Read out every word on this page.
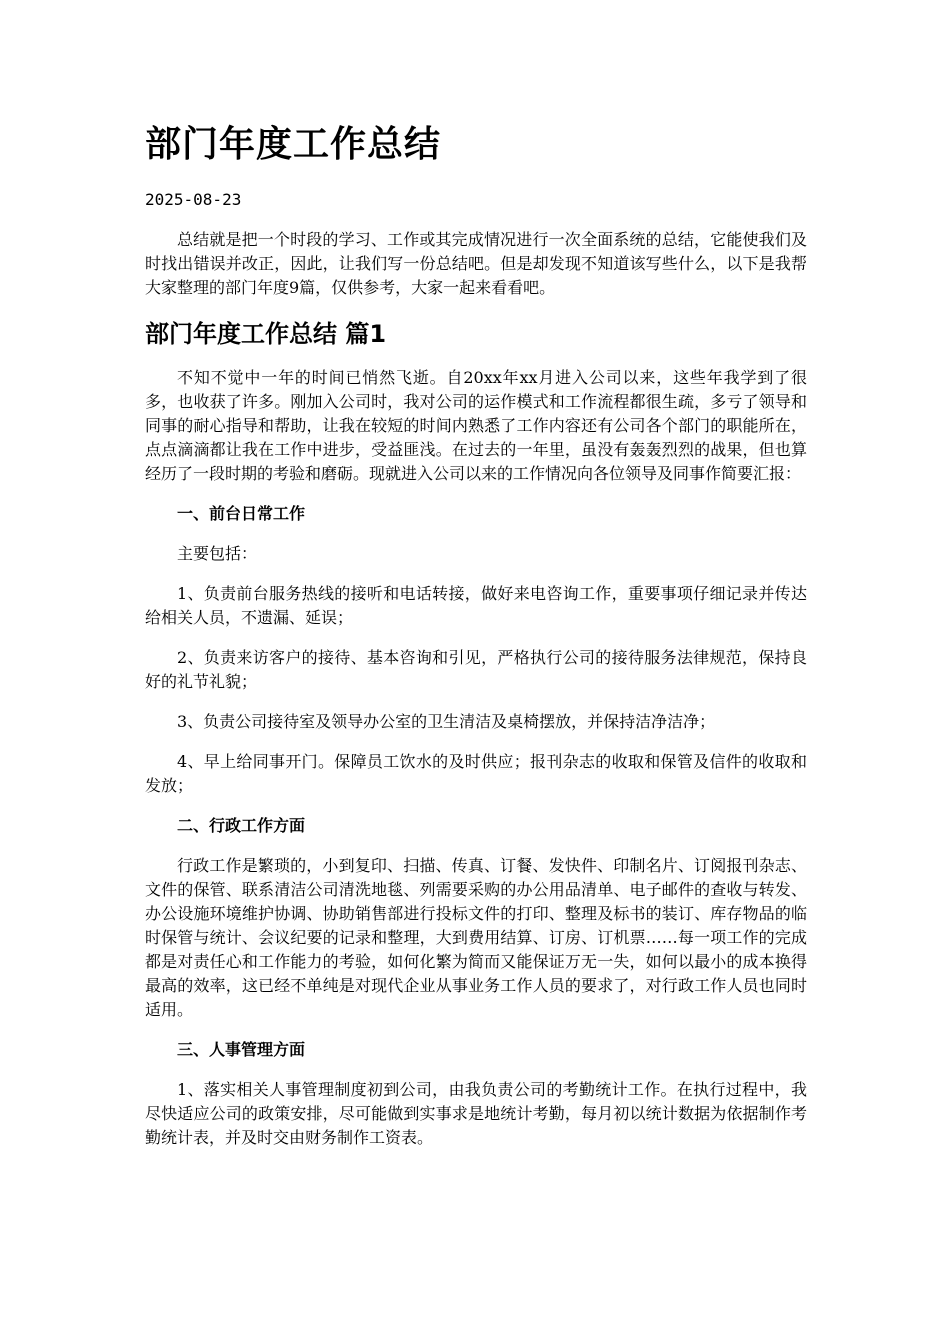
部门年度工作总结
2025-08-23

总结就是把一个时段的学习、工作或其完成情况进行一次全面系统的总结，它能使我们及时找出错误并改正，因此，让我们写一份总结吧。但是却发现不知道该写些什么，以下是我帮大家整理的部门年度9篇，仅供参考，大家一起来看看吧。

部门年度工作总结 篇1

不知不觉中一年的时间已悄然飞逝。自20xx年xx月进入公司以来，这些年我学到了很多，也收获了许多。刚加入公司时，我对公司的运作模式和工作流程都很生疏，多亏了领导和同事的耐心指导和帮助，让我在较短的时间内熟悉了工作内容还有公司各个部门的职能所在，点点滴滴都让我在工作中进步，受益匪浅。在过去的一年里，虽没有轰轰烈烈的战果，但也算经历了一段时期的考验和磨砺。现就进入公司以来的工作情况向各位领导及同事作简要汇报：

一、前台日常工作

主要包括：

1、负责前台服务热线的接听和电话转接，做好来电咨询工作，重要事项仔细记录并传达给相关人员，不遗漏、延误；

2、负责来访客户的接待、基本咨询和引见，严格执行公司的接待服务法律规范，保持良好的礼节礼貌；

3、负责公司接待室及领导办公室的卫生清洁及桌椅摆放，并保持洁净洁净；

4、早上给同事开门。保障员工饮水的及时供应；报刊杂志的收取和保管及信件的收取和发放；

二、行政工作方面

行政工作是繁琐的，小到复印、扫描、传真、订餐、发快件、印制名片、订阅报刊杂志、文件的保管、联系清洁公司清洗地毯、列需要采购的办公用品清单、电子邮件的查收与转发、办公设施环境维护协调、协助销售部进行投标文件的打印、整理及标书的装订、库存物品的临时保管与统计、会议纪要的记录和整理，大到费用结算、订房、订机票……每一项工作的完成都是对责任心和工作能力的考验，如何化繁为简而又能保证万无一失，如何以最小的成本换得最高的效率，这已经不单纯是对现代企业从事业务工作人员的要求了，对行政工作人员也同时适用。

三、人事管理方面

1、落实相关人事管理制度初到公司，由我负责公司的考勤统计工作。在执行过程中，我尽快适应公司的政策安排，尽可能做到实事求是地统计考勤，每月初以统计数据为依据制作考勤统计表，并及时交由财务制作工资表。
